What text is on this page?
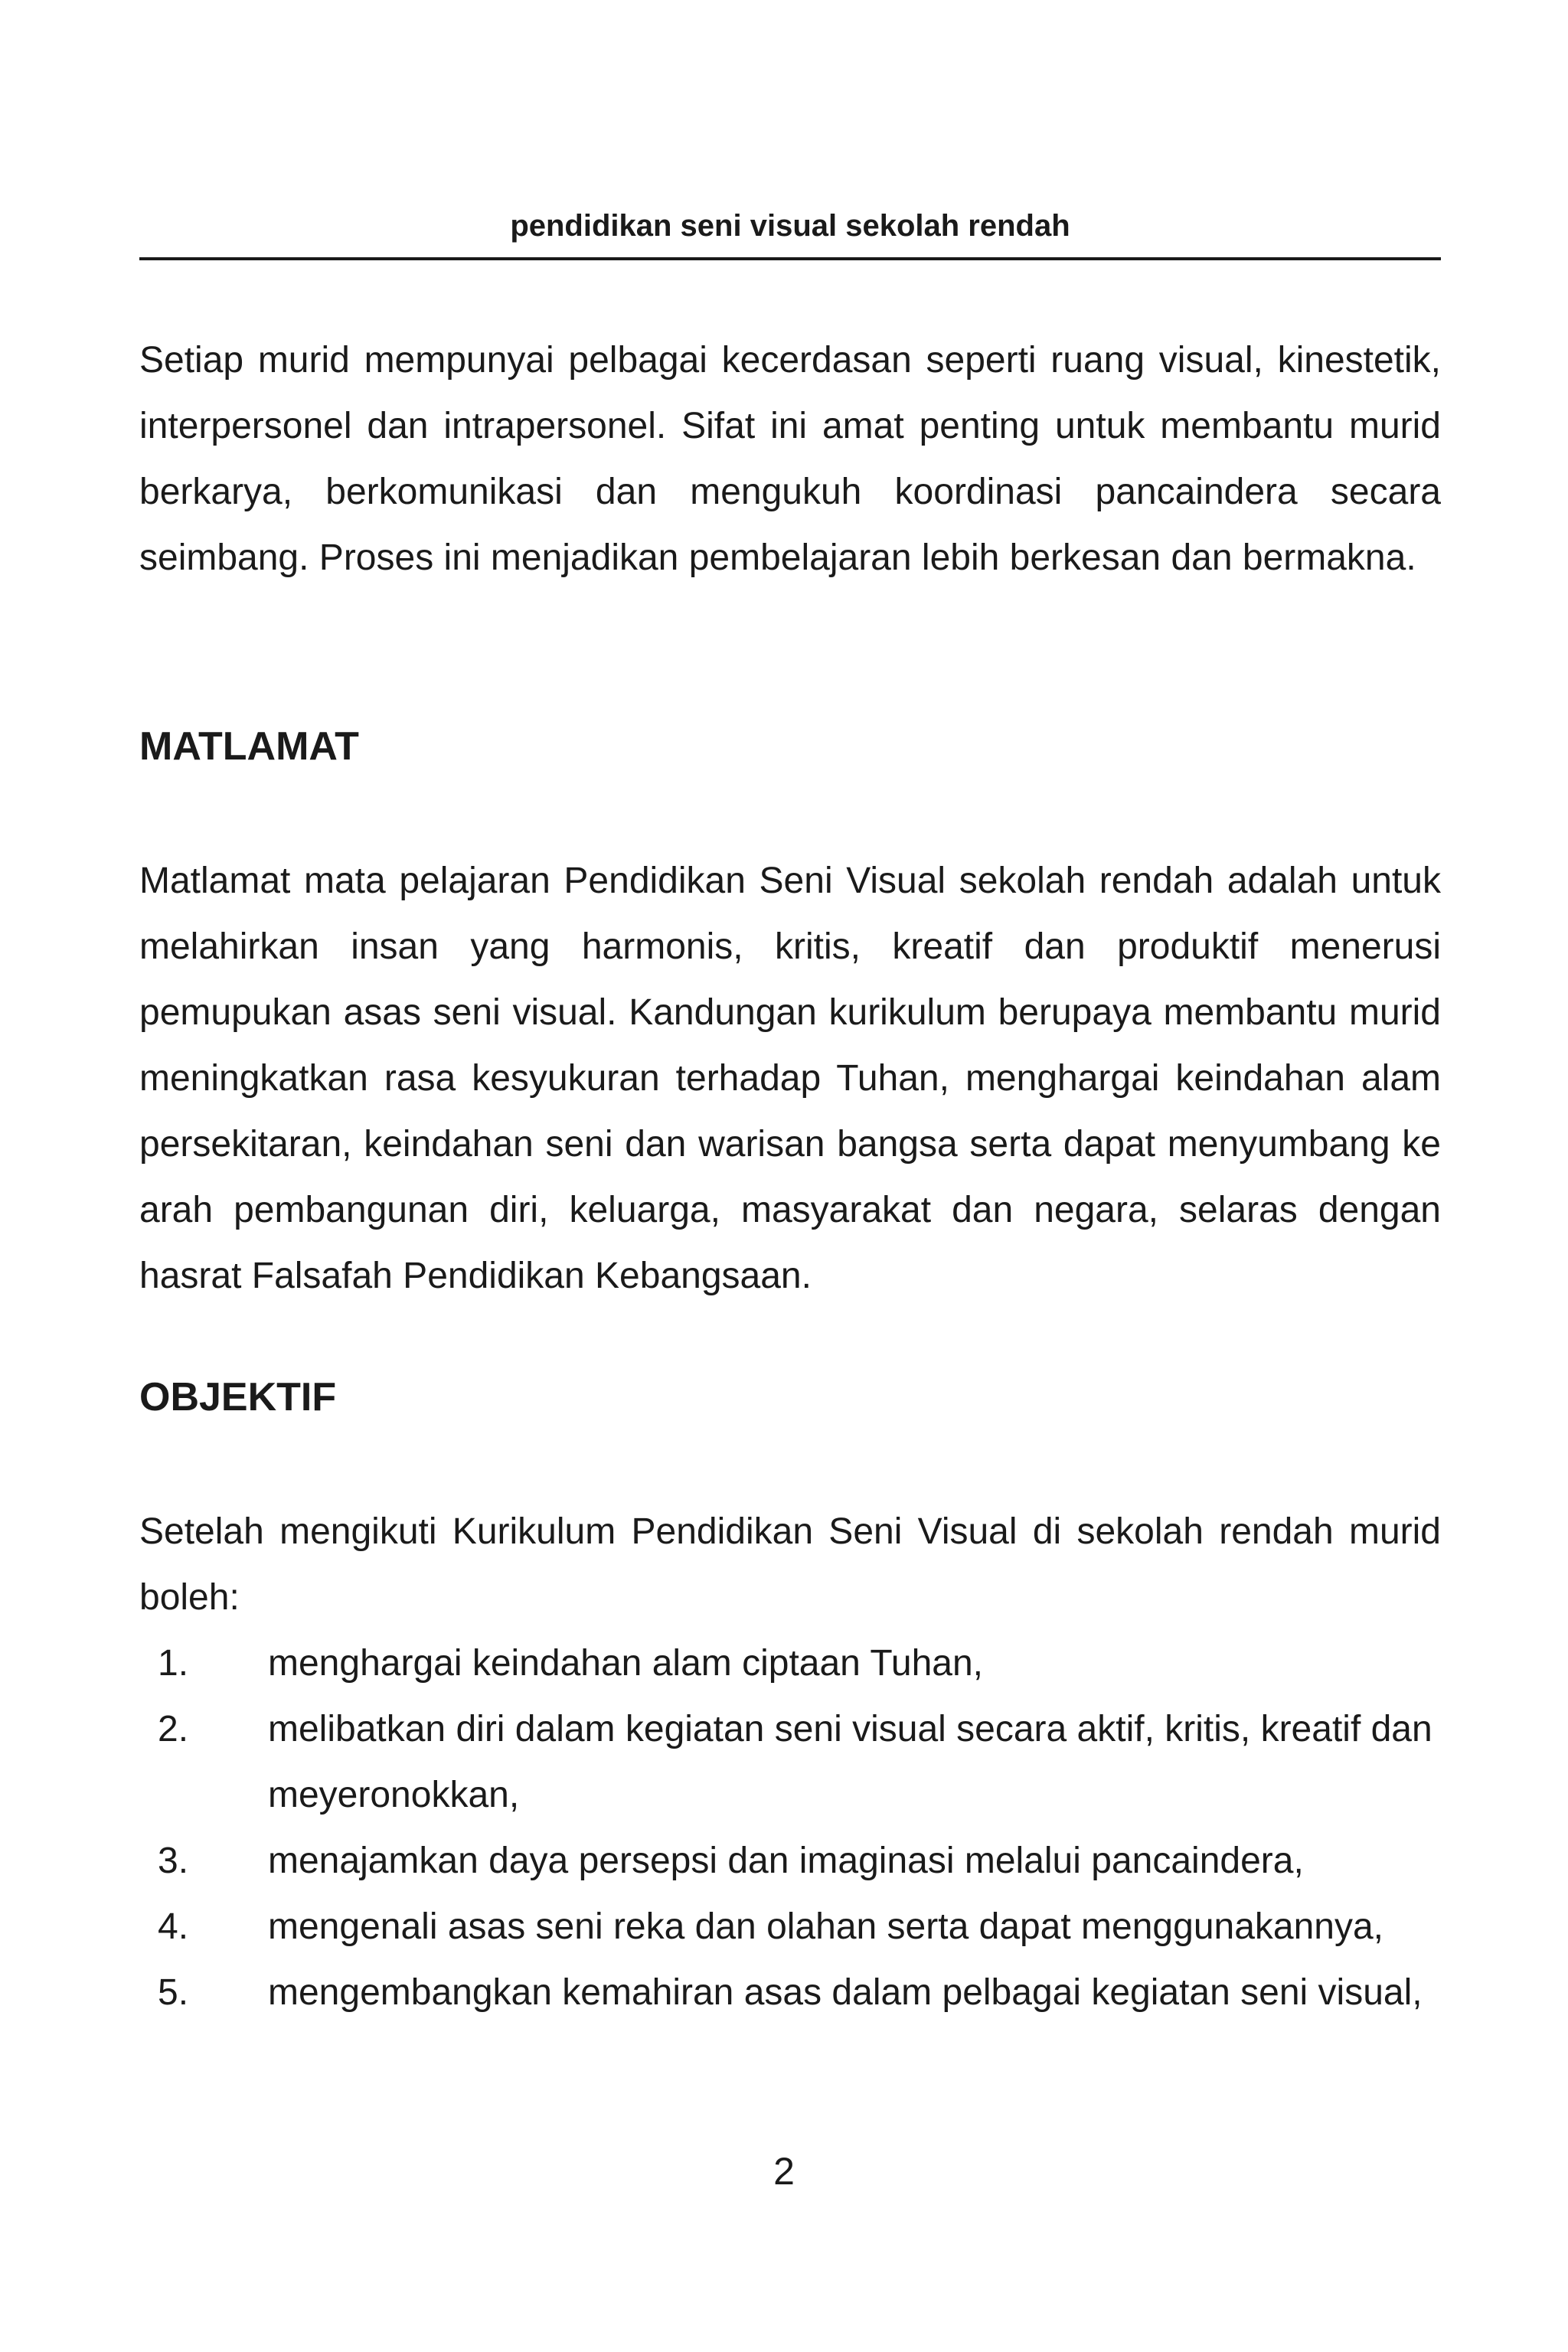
pendidikan seni visual sekolah rendah

Setiap murid mempunyai pelbagai kecerdasan seperti ruang visual, kinestetik, interpersonel dan intrapersonel. Sifat ini amat penting untuk membantu murid berkarya, berkomunikasi dan mengukuh koordinasi pancaindera secara seimbang. Proses ini menjadikan pembelajaran lebih berkesan dan bermakna.

MATLAMAT

Matlamat mata pelajaran Pendidikan Seni Visual sekolah rendah adalah untuk melahirkan insan yang harmonis, kritis, kreatif dan produktif menerusi pemupukan asas seni visual. Kandungan kurikulum berupaya membantu murid meningkatkan rasa kesyukuran terhadap Tuhan, menghargai keindahan alam persekitaran, keindahan seni dan warisan bangsa serta dapat menyumbang ke arah pembangunan diri, keluarga, masyarakat dan negara, selaras dengan hasrat Falsafah Pendidikan Kebangsaan.

OBJEKTIF

Setelah mengikuti Kurikulum Pendidikan Seni Visual di sekolah rendah murid boleh:

1. menghargai keindahan alam ciptaan Tuhan,
2. melibatkan diri dalam kegiatan seni visual secara aktif, kritis, kreatif dan meyeronokkan,
3. menajamkan daya persepsi dan imaginasi melalui pancaindera,
4. mengenali asas seni reka dan olahan serta dapat menggunakannya,
5. mengembangkan kemahiran asas dalam pelbagai kegiatan seni visual,
2
